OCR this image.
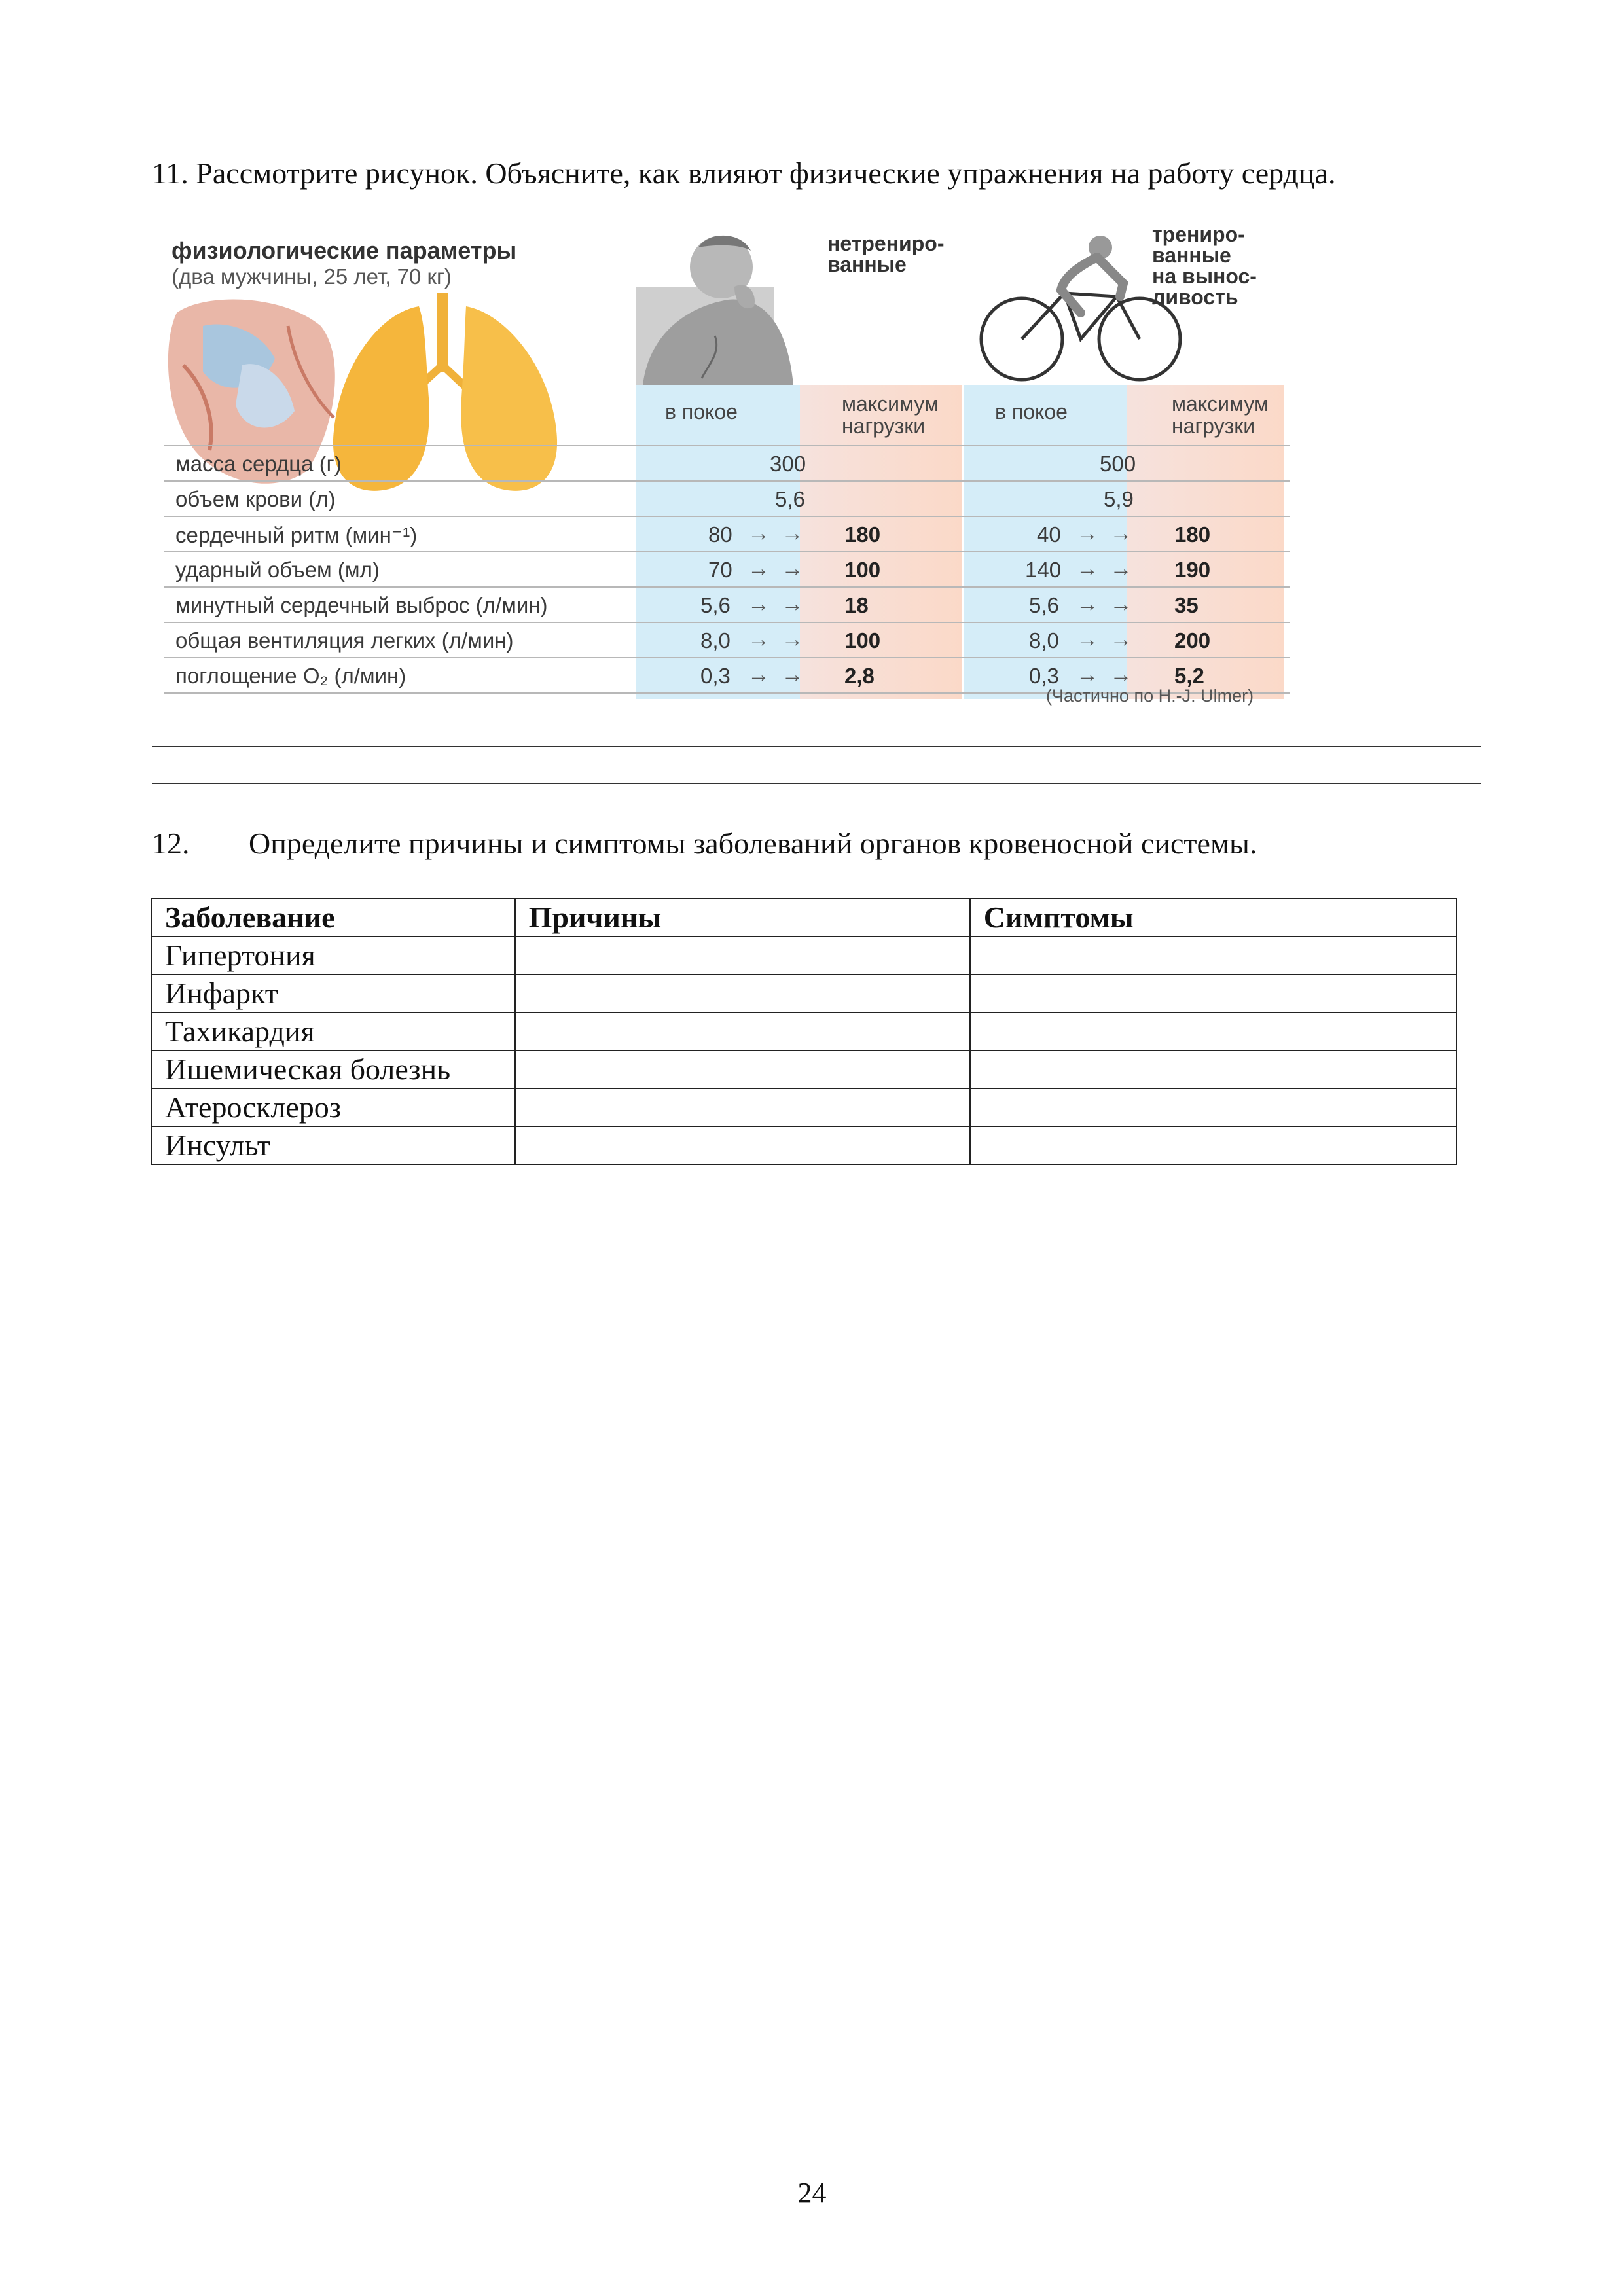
11. Рассмотрите рисунок. Объясните, как влияют физические упражнения на работу сердца.
нетрениро-
ванные
трениро-
ванные
на вынос-
ливость
физиологические параметры
(два мужчины, 25 лет, 70 кг)
в покое	максимум
нагрузки
в покое	максимум
нагрузки
масса сердца (г)	300	500
объем крови (л)	5,6	5,9
сердечный ритм (мин⁻¹)	80 → → 180	40 → → 180
ударный объем (мл)	70 → → 100	140 → → 190
минутный сердечный выброс (л/мин)	5,6 → → 18	5,6 → → 35
общая вентиляция легких (л/мин)	8,0 → → 100	8,0 → → 200
поглощение O₂ (л/мин)	0,3 → → 2,8	0,3 → → 5,2
(Частично по H.-J. Ulmer)
12. Определите причины и симптомы заболеваний органов кровеносной системы.
Заболевание	Причины	Симптомы
Гипертония		
Инфаркт		
Тахикардия		
Ишемическая болезнь		
Атеросклероз		
Инсульт		
24
